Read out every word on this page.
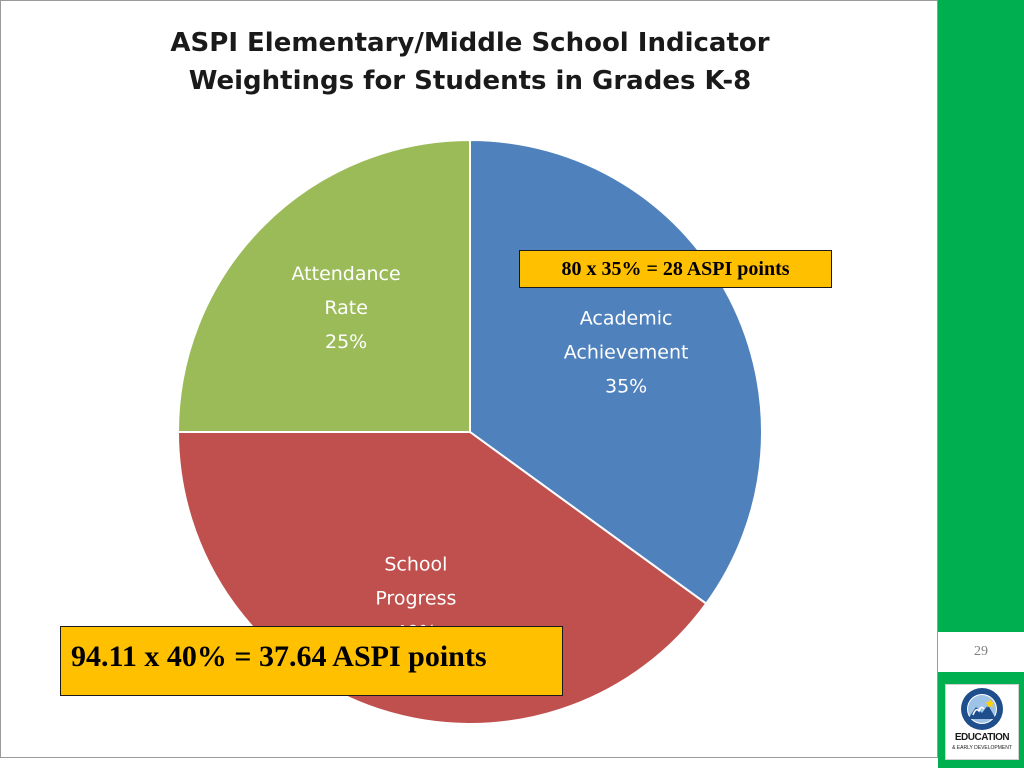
29
ASPI Elementary/Middle School Indicator
Weightings for Students in Grades K-8
Academic Achievement 35%
School Progress
Attendance Rate 25%
80 x 35% = 28 ASPI points
94.11 x 40% = 37.64 ASPI points
EDUCATION
& EARLY DEVELOPMENT
